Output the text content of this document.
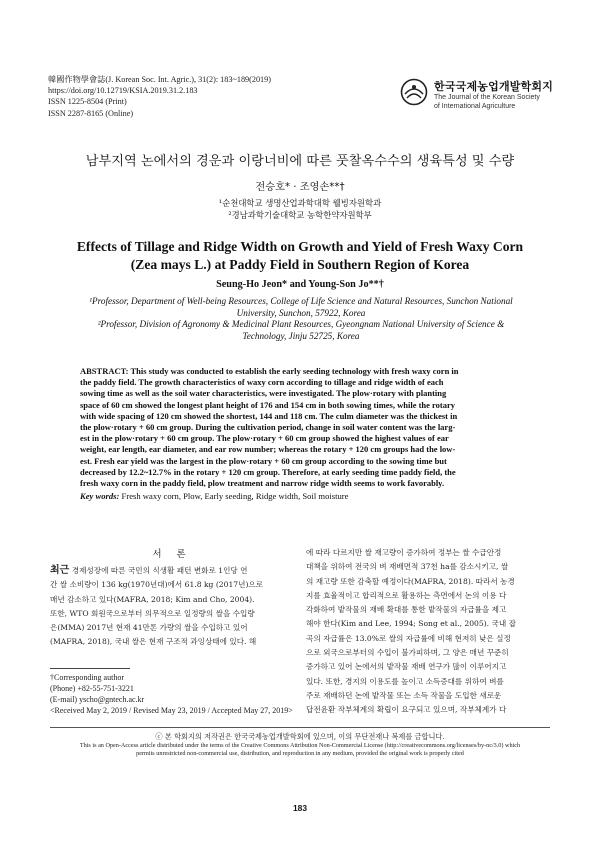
韓國作物學會誌(J. Korean Soc. Int. Agric.), 31(2): 183~189(2019)
https://doi.org/10.12719/KSIA.2019.31.2.183
ISSN 1225-8504 (Print)
ISSN 2287-8165 (Online)
한국국제농업개발학회지
The Journal of the Korean Society
of International Agriculture
남부지역 논에서의 경운과 이랑너비에 따른 풋찰옥수수의 생육특성 및 수량
전승호* · 조영손**†
¹순천대학교 생명산업과학대학 웰빙자원학과
²경남과학기술대학교 농학한약자원학부
Effects of Tillage and Ridge Width on Growth and Yield of Fresh Waxy Corn
(Zea mays L.) at Paddy Field in Southern Region of Korea
Seung-Ho Jeon* and Young-Son Jo**†
¹Professor, Department of Well-being Resources, College of Life Science and Natural Resources, Sunchon National
University, Sunchon, 57922, Korea
²Professor, Division of Agronomy & Medicinal Plant Resources, Gyeongnam National University of Science &
Technology, Jinju 52725, Korea
ABSTRACT: This study was conducted to establish the early seeding technology with fresh waxy corn in
the paddy field. The growth characteristics of waxy corn according to tillage and ridge width of each
sowing time as well as the soil water characteristics, were investigated. The plow·rotary with planting
space of 60 cm showed the longest plant height of 176 and 154 cm in both sowing times, while the rotary
with wide spacing of 120 cm showed the shortest, 144 and 118 cm. The culm diameter was the thickest in
the plow·rotary + 60 cm group. During the cultivation period, change in soil water content was the larg-
est in the plow·rotary + 60 cm group. The plow·rotary + 60 cm group showed the highest values of ear
weight, ear length, ear diameter, and ear row number; whereas the rotary + 120 cm groups had the low-
est. Fresh ear yield was the largest in the plow·rotary + 60 cm group according to the sowing time but
decreased by 12.2~12.7% in the rotary + 120 cm group. Therefore, at early seeding time paddy field, the
fresh waxy corn in the paddy field, plow treatment and narrow ridge width seems to work favorably.
Key words: Fresh waxy corn, Plow, Early seeding, Ridge width, Soil moisture
서 론
최근 경제성장에 따른 국민의 식생활 패턴 변화로 1인당 연
간 쌀 소비량이 136 kg(1970년대)에서 61.8 kg (2017년)으로
매년 감소하고 있다(MAFRA, 2018; Kim and Cho, 2004).
또한, WTO 회원국으로부터 의무적으로 일정량의 쌀을 수입량
은(MMA) 2017년 현재 41만톤 가량의 쌀을 수입하고 있어
(MAFRA, 2018), 국내 쌀은 현재 구조적 과잉상태에 있다. 해
에 따라 다르지만 쌀 재고량이 증가하여 정부는 쌀 수급안정
대책을 위하여 전국의 벼 재배면적 37천 ha를 감소시키고, 쌀
의 재고량 또한 감축할 예정이다(MAFRA, 2018). 따라서 농경
지를 효율적이고 합리적으로 활용하는 측면에서 논의 이용 다
각화하여 밭작물의 재배 확대를 통한 밭작물의 자급률을 제고
해야 한다(Kim and Lee, 1994; Song et al., 2005). 국내 잡
곡의 자급률은 13.0%로 쌀의 자급률에 비해 현저히 낮은 실정
으로 외국으로부터의 수입이 불가피하며, 그 양은 매년 꾸준히
증가하고 있어 논에서의 밭작물 재배 연구가 많이 이루어지고
있다. 또한, 경지의 이용도를 높이고 소득증대를 위하여 벼를
주로 재배하던 논에 밭작물 또는 소득 작물을 도입한 새로운
답전윤환 작부체계의 확립이 요구되고 있으며, 작부체계가 다
†Corresponding author
(Phone) +82-55-751-3221
(E-mail) yscho@gntech.ac.kr
<Received May 2, 2019 / Revised May 23, 2019 / Accepted May 27, 2019>
ⓒ 본 학회지의 저작권은 한국국제농업개발학회에 있으며, 이의 무단전재나 복제를 금합니다.
This is an Open-Access article distributed under the terms of the Creative Commons Attribution Non-Commercial License (http://creativecommons.org/licenses/by-nc/3.0) which
permits unrestricted non-commercial use, distribution, and reproduction in any medium, provided the original work is properly cited
183
